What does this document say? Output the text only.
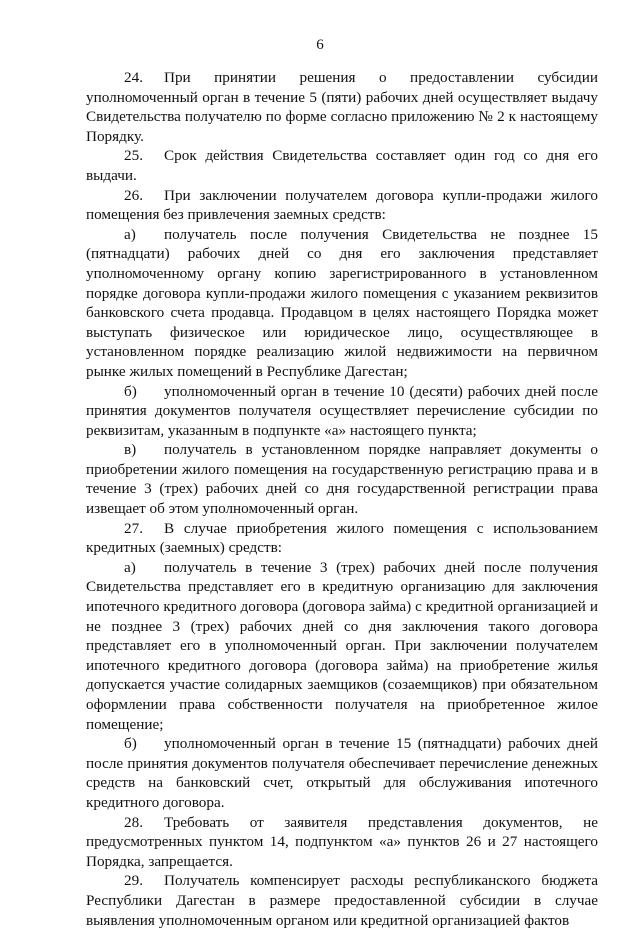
6

24. При принятии решения о предоставлении субсидии уполномоченный орган в течение 5 (пяти) рабочих дней осуществляет выдачу Свидетельства получателю по форме согласно приложению № 2 к настоящему Порядку.

25. Срок действия Свидетельства составляет один год со дня его выдачи.

26. При заключении получателем договора купли-продажи жилого помещения без привлечения заемных средств:

а) получатель после получения Свидетельства не позднее 15 (пятнадцати) рабочих дней со дня его заключения представляет уполномоченному органу копию зарегистрированного в установленном порядке договора купли-продажи жилого помещения с указанием реквизитов банковского счета продавца. Продавцом в целях настоящего Порядка может выступать физическое или юридическое лицо, осуществляющее в установленном порядке реализацию жилой недвижимости на первичном рынке жилых помещений в Республике Дагестан;

б) уполномоченный орган в течение 10 (десяти) рабочих дней после принятия документов получателя осуществляет перечисление субсидии по реквизитам, указанным в подпункте «а» настоящего пункта;

в) получатель в установленном порядке направляет документы о приобретении жилого помещения на государственную регистрацию права и в течение 3 (трех) рабочих дней со дня государственной регистрации права извещает об этом уполномоченный орган.

27. В случае приобретения жилого помещения с использованием кредитных (заемных) средств:

а) получатель в течение 3 (трех) рабочих дней после получения Свидетельства представляет его в кредитную организацию для заключения ипотечного кредитного договора (договора займа) с кредитной организацией и не позднее 3 (трех) рабочих дней со дня заключения такого договора представляет его в уполномоченный орган. При заключении получателем ипотечного кредитного договора (договора займа) на приобретение жилья допускается участие солидарных заемщиков (созаемщиков) при обязательном оформлении права собственности получателя на приобретенное жилое помещение;

б) уполномоченный орган в течение 15 (пятнадцати) рабочих дней после принятия документов получателя обеспечивает перечисление денежных средств на банковский счет, открытый для обслуживания ипотечного кредитного договора.

28. Требовать от заявителя представления документов, не предусмотренных пунктом 14, подпунктом «а» пунктов 26 и 27 настоящего Порядка, запрещается.

29. Получатель компенсирует расходы республиканского бюджета Республики Дагестан в размере предоставленной субсидии в случае выявления уполномоченным органом или кредитной организацией фактов
